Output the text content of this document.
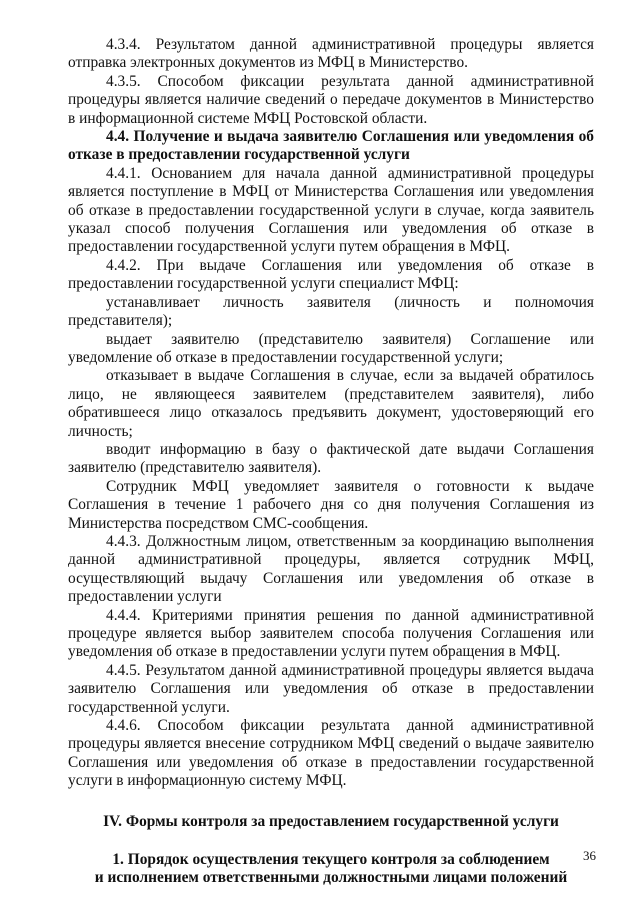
4.3.4. Результатом данной административной процедуры является отправка электронных документов из МФЦ в Министерство.

4.3.5. Способом фиксации результата данной административной процедуры является наличие сведений о передаче документов в Министерство в информационной системе МФЦ Ростовской области.

4.4. Получение и выдача заявителю Соглашения или уведомления об отказе в предоставлении государственной услуги

4.4.1. Основанием для начала данной административной процедуры является поступление в МФЦ от Министерства Соглашения или уведомления об отказе в предоставлении государственной услуги в случае, когда заявитель указал способ получения Соглашения или уведомления об отказе в предоставлении государственной услуги путем обращения в МФЦ.

4.4.2. При выдаче Соглашения или уведомления об отказе в предоставлении государственной услуги специалист МФЦ:

устанавливает личность заявителя (личность и полномочия представителя);

выдает заявителю (представителю заявителя) Соглашение или уведомление об отказе в предоставлении государственной услуги;

отказывает в выдаче Соглашения в случае, если за выдачей обратилось лицо, не являющееся заявителем (представителем заявителя), либо обратившееся лицо отказалось предъявить документ, удостоверяющий его личность;

вводит информацию в базу о фактической дате выдачи Соглашения заявителю (представителю заявителя).

Сотрудник МФЦ уведомляет заявителя о готовности к выдаче Соглашения в течение 1 рабочего дня со дня получения Соглашения из Министерства посредством СМС-сообщения.

4.4.3. Должностным лицом, ответственным за координацию выполнения данной административной процедуры, является сотрудник МФЦ, осуществляющий выдачу Соглашения или уведомления об отказе в предоставлении услуги

4.4.4. Критериями принятия решения по данной административной процедуре является выбор заявителем способа получения Соглашения или уведомления об отказе в предоставлении услуги путем обращения в МФЦ.

4.4.5. Результатом данной административной процедуры является выдача заявителю Соглашения или уведомления об отказе в предоставлении государственной услуги.

4.4.6. Способом фиксации результата данной административной процедуры является внесение сотрудником МФЦ сведений о выдаче заявителю Соглашения или уведомления об отказе в предоставлении государственной услуги в информационную систему МФЦ.

IV. Формы контроля за предоставлением государственной услуги

1. Порядок осуществления текущего контроля за соблюдением

и исполнением ответственными должностными лицами положений

36
